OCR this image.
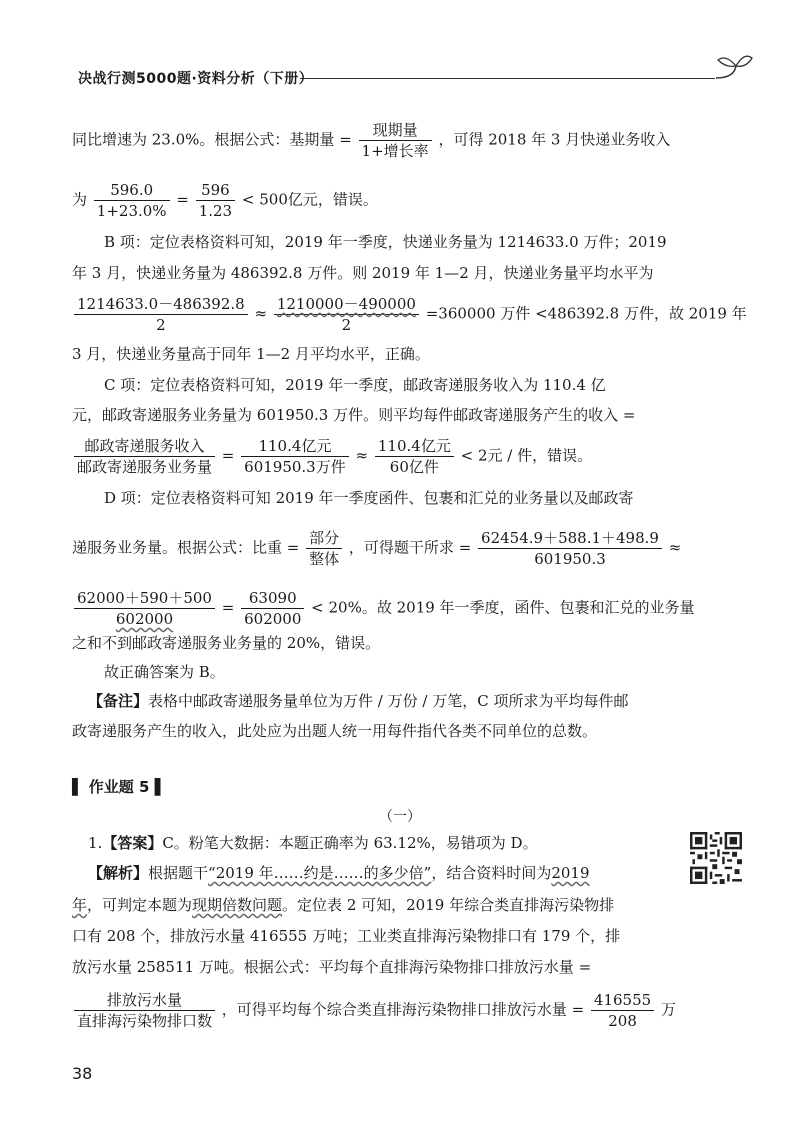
决战行测5000题·资料分析（下册）
同比增速为 23.0%。根据公式：基期量 = $\frac{\text{现期量}}{\text{1+增长率}}$ ，可得 2018 年 3 月快递业务收入
为 $\frac{596.0}{1+23.0\%} = \frac{596}{1.23} < 500$亿元，错误。
B 项：定位表格资料可知，2019 年一季度，快递业务量为 1214633.0 万件；2019
年 3 月，快递业务量为 486392.8 万件。则 2019 年 1—2 月，快递业务量平均水平为
$\frac{1214633.0-486392.8}{2} \approx \frac{1210000-490000}{2} =360000$ 万件 <486392.8 万件，故 2019 年
3 月，快递业务量高于同年 1—2 月平均水平，正确。
C 项：定位表格资料可知，2019 年一季度，邮政寄递服务收入为 110.4 亿
元，邮政寄递服务业务量为 601950.3 万件。则平均每件邮政寄递服务产生的收入 =
$\frac{\text{邮政寄递服务收入}}{\text{邮政寄递服务业务量}} = \frac{\text{110.4亿元}}{\text{601950.3万件}} \approx \frac{\text{110.4亿元}}{\text{60亿件}} < 2$元 / 件，错误。
D 项：定位表格资料可知 2019 年一季度函件、包裹和汇兑的业务量以及邮政寄
递服务业务量。根据公式：比重 = $\frac{\text{部分}}{\text{整体}}$ ，可得题干所求 = $\frac{62454.9+588.1+498.9}{601950.3}$ ≈
$\frac{62000+590+500}{602000} = \frac{63090}{602000} < 20\%$。故 2019 年一季度，函件、包裹和汇兑的业务量
之和不到邮政寄递服务业务量的 20%，错误。
故正确答案为 B。
【备注】表格中邮政寄递服务量单位为万件 / 万份 / 万笔，C 项所求为平均每件邮
政寄递服务产生的收入，此处应为出题人统一用每件指代各类不同单位的总数。
▌ 作业题 5 ▌
（一）
1.【答案】C。粉笔大数据：本题正确率为 63.12%，易错项为 D。
【解析】根据题干“2019 年……约是……的多少倍”，结合资料时间为2019
年，可判定本题为现期倍数问题。定位表 2 可知，2019 年综合类直排海污染物排
口有 208 个，排放污水量 416555 万吨；工业类直排海污染物排口有 179 个，排
放污水量 258511 万吨。根据公式：平均每个直排海污染物排口排放污水量 =
$\frac{\text{排放污水量}}{\text{直排海污染物排口数}}$ ，可得平均每个综合类直排海污染物排口排放污水量 = $\frac{416555}{208}$ 万
38
